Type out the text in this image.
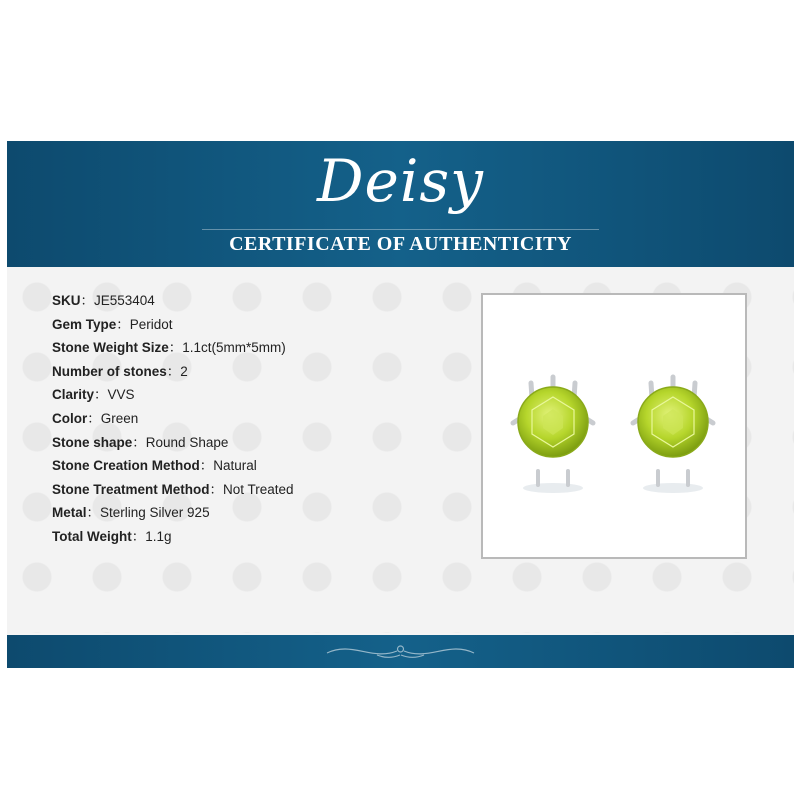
Deisy
CERTIFICATE OF AUTHENTICITY
SKU：JE553404
Gem Type：Peridot
Stone Weight Size：1.1ct(5mm*5mm)
Number of stones：2
Clarity：VVS
Color：Green
Stone shape：Round Shape
Stone Creation Method：Natural
Stone Treatment Method：Not Treated
Metal：Sterling Silver 925
Total Weight：1.1g
